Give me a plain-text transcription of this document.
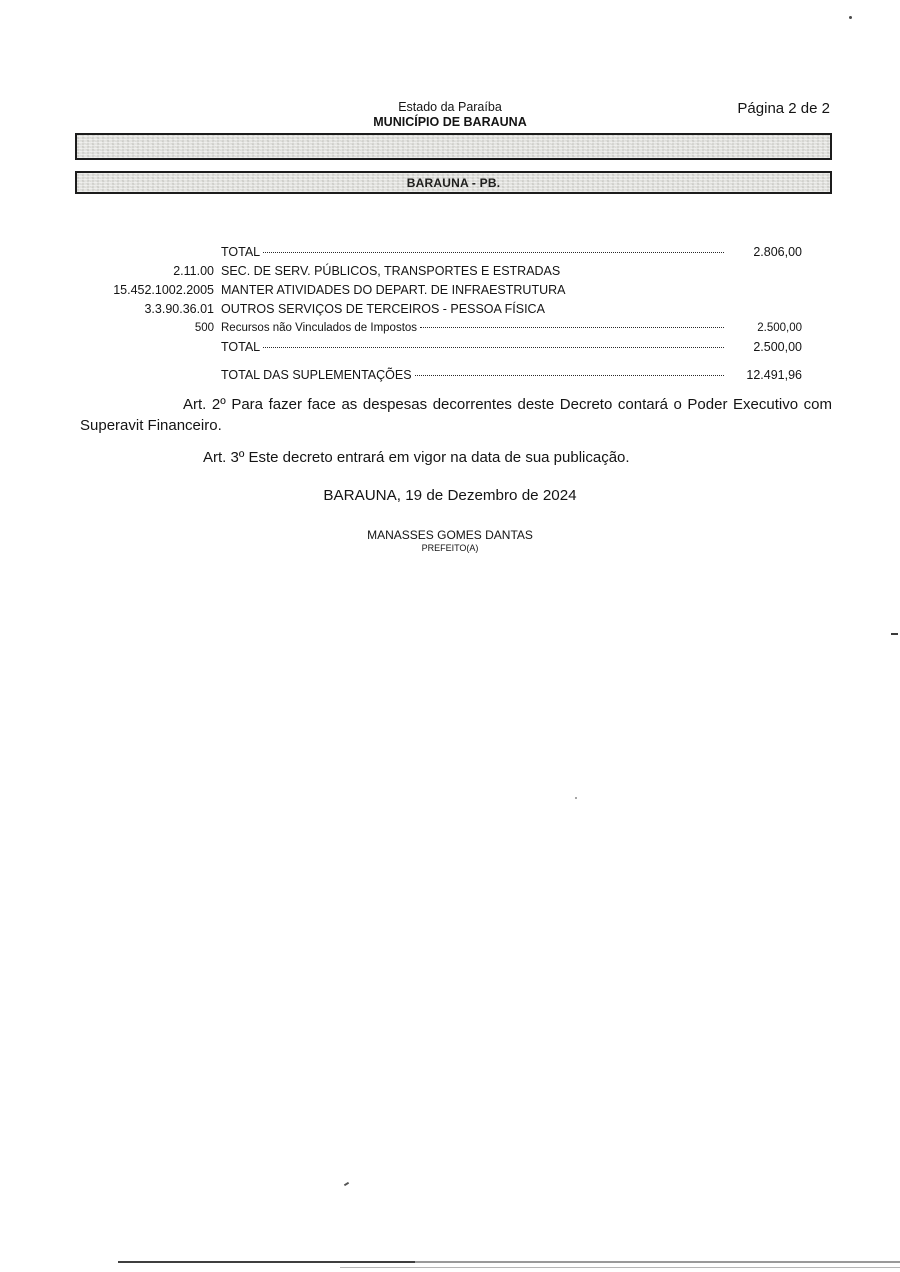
Estado da Paraíba
MUNICÍPIO DE BARAUNA
Página 2 de 2
BARAUNA - PB.
TOTAL	2.806,00
2.11.00 SEC. DE SERV. PÚBLICOS, TRANSPORTES E ESTRADAS
15.452.1002.2005 MANTER ATIVIDADES DO DEPART. DE INFRAESTRUTURA
3.3.90.36.01 OUTROS SERVIÇOS DE TERCEIROS - PESSOA FÍSICA
500 Recursos não Vinculados de Impostos	2.500,00
TOTAL	2.500,00
TOTAL DAS SUPLEMENTAÇÕES	12.491,96

Art. 2º Para fazer face as despesas decorrentes deste Decreto contará o Poder Executivo com Superavit Financeiro.

Art. 3º Este decreto entrará em vigor na data de sua publicação.

BARAUNA, 19 de Dezembro de 2024
MANASSES GOMES DANTAS
PREFEITO(A)
